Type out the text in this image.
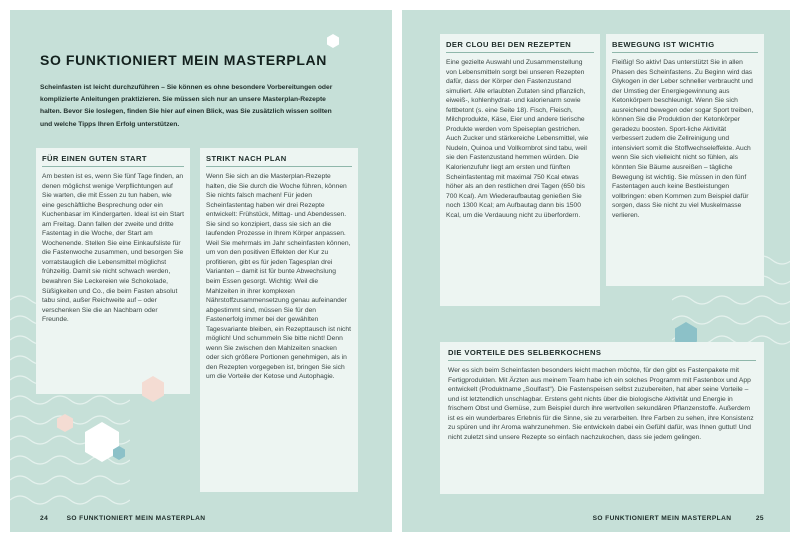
SO FUNKTIONIERT MEIN MASTERPLAN
Scheinfasten ist leicht durchzuführen – Sie können es ohne besondere Vorbereitungen oder komplizierte Anleitungen praktizieren. Sie müssen sich nur an unsere Masterplan-Rezepte halten. Bevor Sie loslegen, finden Sie hier auf einen Blick, was Sie zusätzlich wissen sollten und welche Tipps Ihren Erfolg unterstützen.
FÜR EINEN GUTEN START
Am besten ist es, wenn Sie fünf Tage finden, an denen möglichst wenige Verpflichtungen auf Sie warten, die mit Essen zu tun haben, wie eine geschäftliche Besprechung oder ein Kuchenbasar im Kindergarten. Ideal ist ein Start am Freitag. Dann fallen der zweite und dritte Fastentag in die Woche, der Start am Wochenende. Stellen Sie eine Einkaufsliste für die Fastenwoche zusammen, und besorgen Sie vorratstauglich die Lebensmittel möglichst frühzeitig. Damit sie nicht schwach werden, bewahren Sie Leckereien wie Schokolade, Süßigkeiten und Co., die beim Fasten absolut tabu sind, außer Reichweite auf – oder verschenken Sie die an Nachbarn oder Freunde.
STRIKT NACH PLAN
Wenn Sie sich an die Masterplan-Rezepte halten, die Sie durch die Woche führen, können Sie nichts falsch machen! Für jeden Scheinfastentag haben wir drei Rezepte entwickelt: Frühstück, Mittag- und Abendessen. Sie sind so konzipiert, dass sie sich an die laufenden Prozesse in Ihrem Körper anpassen. Weil Sie mehrmals im Jahr scheinfasten können, um von den positiven Effekten der Kur zu profitieren, gibt es für jeden Tagesplan drei Varianten – damit ist für bunte Abwechslung beim Essen gesorgt. Wichtig: Weil die Mahlzeiten in ihrer komplexen Nährstoffzusammensetzung genau aufeinander abgestimmt sind, müssen Sie für den Fastenerfolg immer bei der gewählten Tagesvariante bleiben, ein Rezepttausch ist nicht möglich! Und schummeln Sie bitte nicht! Denn wenn Sie zwischen den Mahlzeiten snacken oder sich größere Portionen genehmigen, als in den Rezepten vorgegeben ist, bringen Sie sich um die Vorteile der Ketose und Autophagie.
24	SO FUNKTIONIERT MEIN MASTERPLAN
DER CLOU BEI DEN REZEPTEN
Eine gezielte Auswahl und Zusammenstellung von Lebensmitteln sorgt bei unseren Rezepten dafür, dass der Körper den Fastenzustand simuliert. Alle erlaubten Zutaten sind pflanzlich, eiweiß-, kohlenhydrat- und kalorienarm sowie fettbetont (s. eine Seite 18). Fisch, Fleisch, Milchprodukte, Käse, Eier und andere tierische Produkte werden vom Speiseplan gestrichen. Auch Zucker und stärkereiche Lebensmittel, wie Nudeln, Quinoa und Vollkornbrot sind tabu, weil sie den Fastenzustand hemmen würden. Die Kalorienzufuhr liegt am ersten und fünften Scheinfastentag mit maximal 750 Kcal etwas höher als an den restlichen drei Tagen (650 bis 700 Kcal). Am Wiederaufbautag genießen Sie noch 1300 Kcal; am Aufbautag dann bis 1500 Kcal, um die Verdauung nicht zu überfordern.
BEWEGUNG IST WICHTIG
Fleißig! So aktiv! Das unterstützt Sie in allen Phasen des Scheinfastens. Zu Beginn wird das Glykogen in der Leber schneller verbraucht und der Umstieg der Energiegewinnung aus Ketonkörpern beschleunigt. Wenn Sie sich ausreichend bewegen oder sogar Sport treiben, können Sie die Produktion der Ketonkörper geradezu boosten. Sport-liche Aktivität verbessert zudem die Zellreinigung und intensiviert somit die Stoffwechseleffekte. Auch wenn Sie sich vielleicht nicht so fühlen, als könnten Sie Bäume ausreißen – tägliche Bewegung ist wichtig. Sie müssen in den fünf Fastentagen auch keine Bestleistungen vollbringen: eben Kommen zum Beispiel dafür sorgen, dass Sie nicht zu viel Muskelmasse verlieren.
DIE VORTEILE DES SELBERKOCHENS
Wer es sich beim Scheinfasten besonders leicht machen möchte, für den gibt es Fastenpakete mit Fertigprodukten. Mit Ärzten aus meinem Team habe ich ein solches Programm mit Fastenbox und App entwickelt (Produktname „Soulfast“). Die Fastenspeisen selbst zuzubereiten, hat aber seine Vorteile – und ist letztendlich unschlagbar. Erstens geht nichts über die biologische Aktivität und Energie in frischem Obst und Gemüse, zum Beispiel durch ihre wertvollen sekundären Pflanzenstoffe. Außerdem ist es ein wunderbares Erlebnis für die Sinne, sie zu verarbeiten. Ihre Farben zu sehen, ihre Konsistenz zu spüren und ihr Aroma wahrzunehmen. Sie entwickeln dabei ein Gefühl dafür, was Ihnen guttut! Und nicht zuletzt sind unsere Rezepte so einfach nachzukochen, dass sie jedem gelingen.
SO FUNKTIONIERT MEIN MASTERPLAN	25
